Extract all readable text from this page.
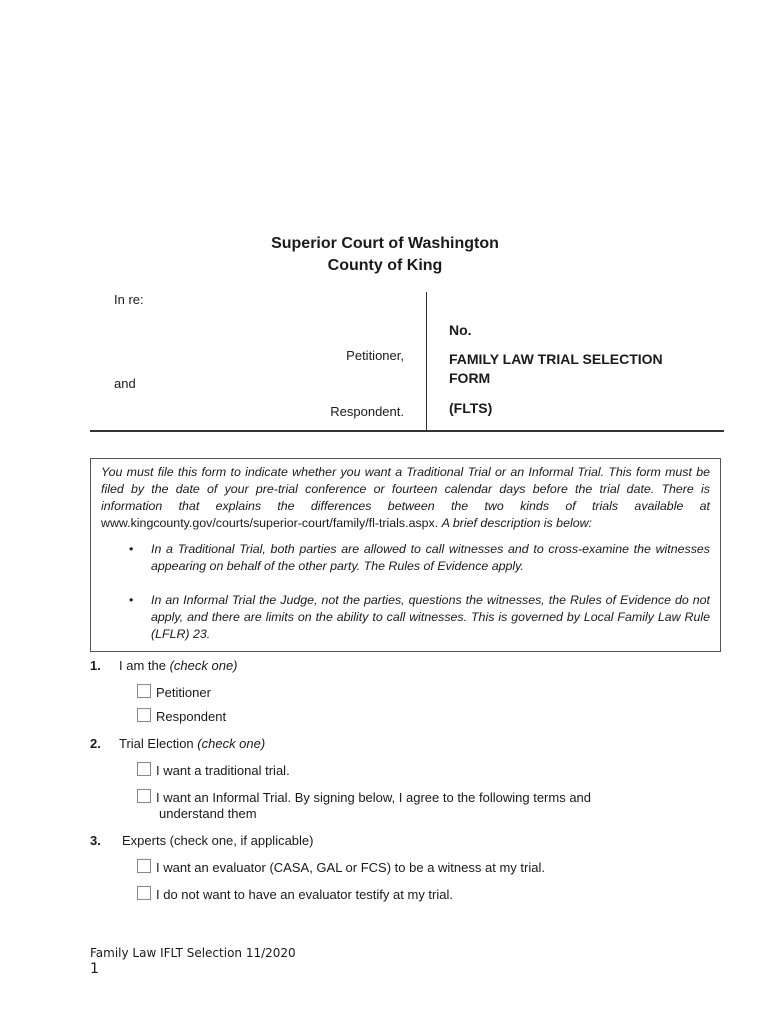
Superior Court of Washington
County of King
In re:
Petitioner,
and
Respondent.
No.
FAMILY LAW TRIAL SELECTION
FORM
(FLTS)

You must file this form to indicate whether you want a Traditional Trial or an Informal Trial. This form must be filed by the date of your pre-trial conference or fourteen calendar days before the trial date. There is information that explains the differences between the two kinds of trials available at www.kingcounty.gov/courts/superior-court/family/fl-trials.aspx. A brief description is below:

• In a Traditional Trial, both parties are allowed to call witnesses and to cross-examine the witnesses appearing on behalf of the other party. The Rules of Evidence apply.

• In an Informal Trial the Judge, not the parties, questions the witnesses, the Rules of Evidence do not apply, and there are limits on the ability to call witnesses. This is governed by Local Family Law Rule (LFLR) 23.

1. I am the (check one)
Petitioner
Respondent
2. Trial Election (check one)
I want a traditional trial.
I want an Informal Trial. By signing below, I agree to the following terms and
understand them
3. Experts (check one, if applicable)
I want an evaluator (CASA, GAL or FCS) to be a witness at my trial.
I do not want to have an evaluator testify at my trial.
Family Law IFLT Selection 11/2020
1
